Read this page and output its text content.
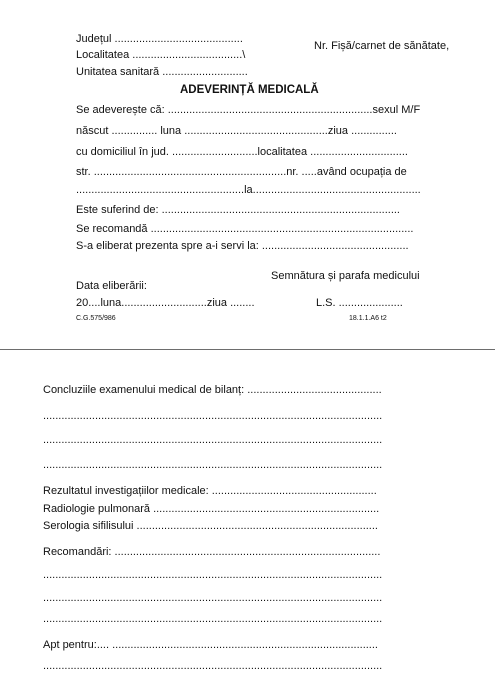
Județul ..........................................
Nr. Fișă/carnet de sănătate,
Localitatea ....................................\
Unitatea sanitară ............................
ADEVERINȚĂ MEDICALĂ
Se adeverește că: ...................................................................sexul M/F
născut ............... luna ...............................................ziua ...............
cu domiciliul în jud. ............................localitatea ................................
str. ...............................................................nr. .....având ocupația de
.......................................................la.......................................................
Este suferind de: ..............................................................................
Se recomandă ......................................................................................
S-a eliberat prezenta spre a-i servi la: ................................................
Semnătura și parafa medicului
Data eliberării:
20....luna............................ziua ........	L.S. .....................
C.G.575/986	18.1.1.A6 t2
Concluziile examenului medical de bilanț: ............................................
...............................................................................................................
...............................................................................................................
...............................................................................................................
Rezultatul investigațiilor medicale: ......................................................
Radiologie pulmonară ..........................................................................
Serologia sifilisului ...............................................................................
Recomandări: .......................................................................................
...............................................................................................................
...............................................................................................................
...............................................................................................................
Apt pentru:.... .......................................................................................
...............................................................................................................
